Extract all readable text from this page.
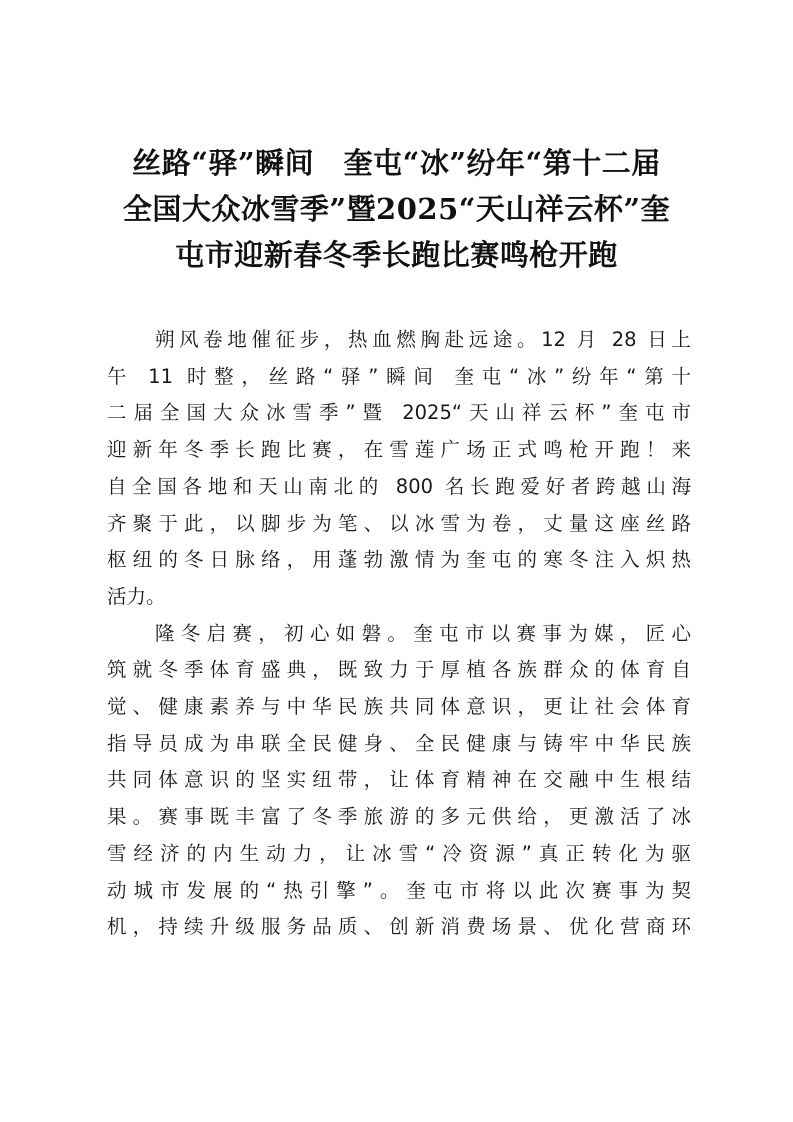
丝路“驿”瞬间　奎屯“冰”纷年“第十二届
全国大众冰雪季”暨2025“天山祥云杯”奎
屯市迎新春冬季长跑比赛鸣枪开跑
朔风卷地催征步，热血燃胸赴远途。12 月 28 日上
午 11 时整，丝路“驿”瞬间 奎屯“冰”纷年“第十
二届全国大众冰雪季”暨 2025“天山祥云杯”奎屯市
迎新年冬季长跑比赛，在雪莲广场正式鸣枪开跑！来
自全国各地和天山南北的 800 名长跑爱好者跨越山海
齐聚于此，以脚步为笔、以冰雪为卷，丈量这座丝路
枢纽的冬日脉络，用蓬勃激情为奎屯的寒冬注入炽热
活力。
隆冬启赛，初心如磐。奎屯市以赛事为媒，匠心
筑就冬季体育盛典，既致力于厚植各族群众的体育自
觉、健康素养与中华民族共同体意识，更让社会体育
指导员成为串联全民健身、全民健康与铸牢中华民族
共同体意识的坚实纽带，让体育精神在交融中生根结
果。赛事既丰富了冬季旅游的多元供给，更激活了冰
雪经济的内生动力，让冰雪“冷资源”真正转化为驱
动城市发展的“热引擎”。奎屯市将以此次赛事为契
机，持续升级服务品质、创新消费场景、优化营商环
